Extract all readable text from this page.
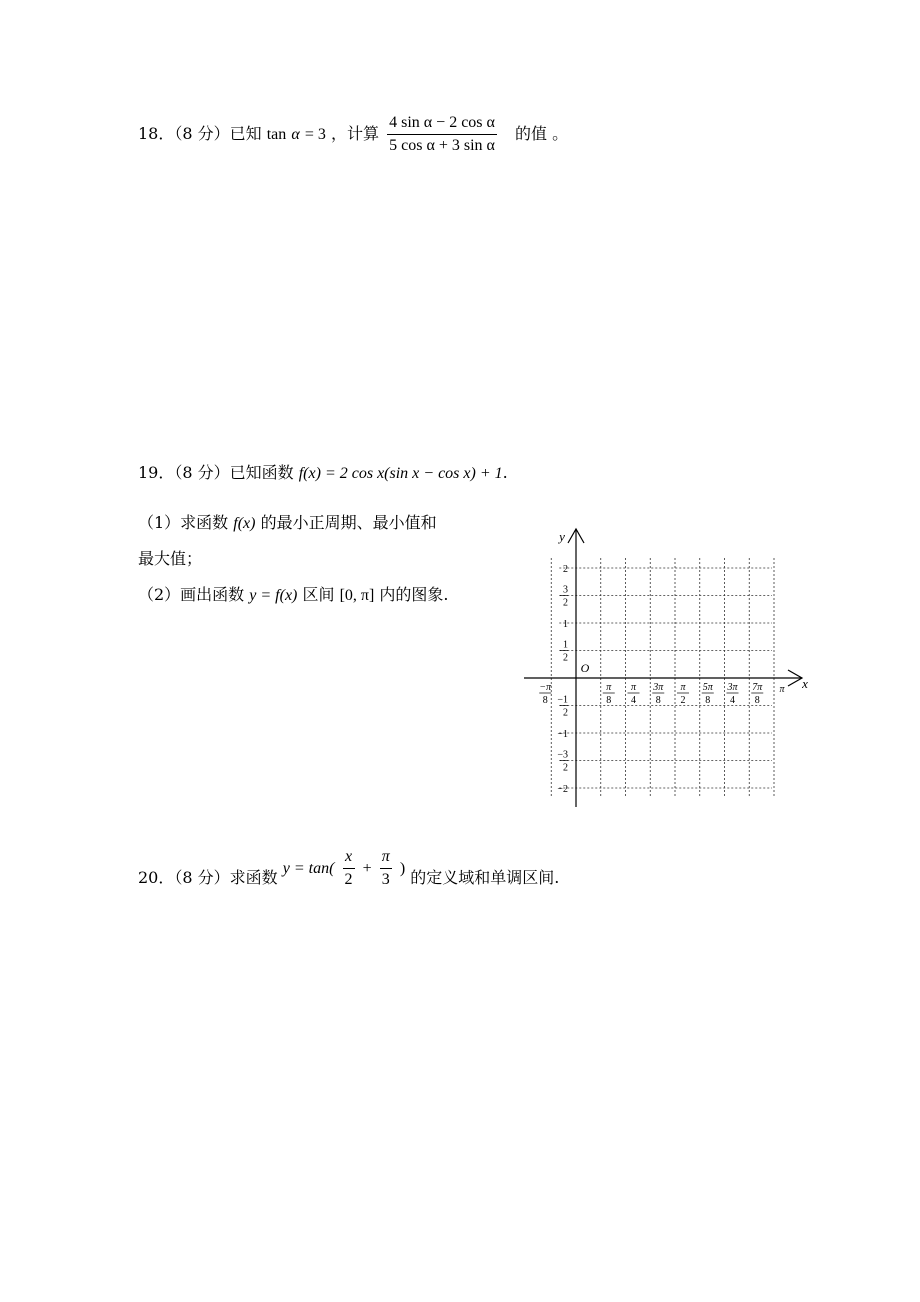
18．（8 分）已知 tan α = 3 ，计算 $\frac{\text{4 sin α − 2 cos α}}{\text{5 cos α + 3 sin α}}$ 的值 。
19．（8 分）已知函数 f(x) = 2 cos x(sin x − cos x) + 1.
（1）求函数 f(x) 的最小正周期、最小值和
最大值；
（2）画出函数 y = f(x) 区间 [0, π] 内的图象.
x
y
O
−π
8
π
8
π
4
3π
8
π
2
5π
8
3π
4
7π
8
π
2
3
2
1
1
2
−1
2
−1
−3
2
−2
20．（8 分）求函数 $y = \tan( \frac{x}{2} + \frac{\pi}{3}$ ) 的定义域和单调区间.
